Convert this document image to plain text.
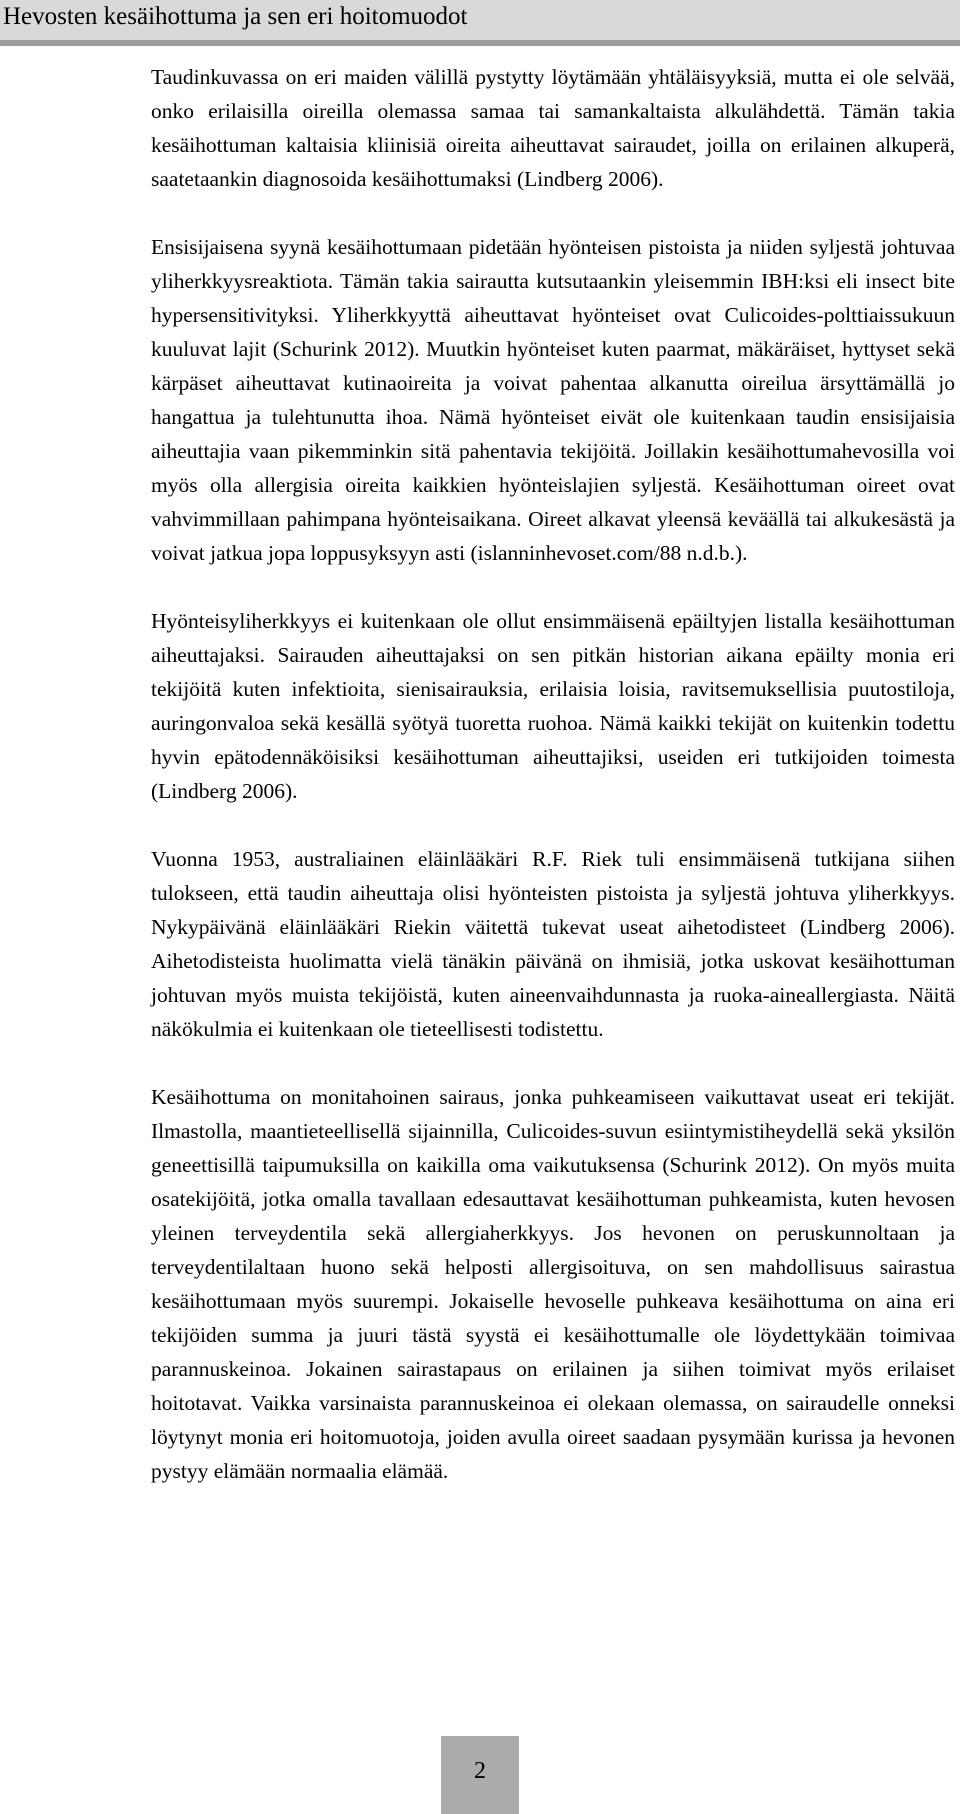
Hevosten kesäihottuma ja sen eri hoitomuodot

Taudinkuvassa on eri maiden välillä pystytty löytämään yhtäläisyyksiä, mutta ei ole selvää, onko erilaisilla oireilla olemassa samaa tai samankaltaista alkulähdettä. Tämän takia kesäihottuman kaltaisia kliinisiä oireita aiheuttavat sairaudet, joilla on erilainen alkuperä, saatetaankin diagnosoida kesäihottumaksi (Lindberg 2006).

Ensisijaisena syynä kesäihottumaan pidetään hyönteisen pistoista ja niiden syljestä johtuvaa yliherkkyysreaktiota. Tämän takia sairautta kutsutaankin yleisemmin IBH:ksi eli insect bite hypersensitivityksi. Yliherkkyyttä aiheuttavat hyönteiset ovat Culicoides-polttiaissukuun kuuluvat lajit (Schurink 2012). Muutkin hyönteiset kuten paarmat, mäkäräiset, hyttyset sekä kärpäset aiheuttavat kutinaoireita ja voivat pahentaa alkanutta oireilua ärsyttämällä jo hangattua ja tulehtunutta ihoa. Nämä hyönteiset eivät ole kuitenkaan taudin ensisijaisia aiheuttajia vaan pikemminkin sitä pahentavia tekijöitä. Joillakin kesäihottumahevosilla voi myös olla allergisia oireita kaikkien hyönteislajien syljestä. Kesäihottuman oireet ovat vahvimmillaan pahimpana hyönteisaikana. Oireet alkavat yleensä keväällä tai alkukesästä ja voivat jatkua jopa loppusyksyyn asti (islanninhevoset.com/88 n.d.b.).

Hyönteisyliherkkyys ei kuitenkaan ole ollut ensimmäisenä epäiltyjen listalla kesäihottuman aiheuttajaksi. Sairauden aiheuttajaksi on sen pitkän historian aikana epäilty monia eri tekijöitä kuten infektioita, sienisairauksia, erilaisia loisia, ravitsemuksellisia puutostiloja, auringonvaloa sekä kesällä syötyä tuoretta ruohoa. Nämä kaikki tekijät on kuitenkin todettu hyvin epätodennäköisiksi kesäihottuman aiheuttajiksi, useiden eri tutkijoiden toimesta (Lindberg 2006).

Vuonna 1953, australiainen eläinlääkäri R.F. Riek tuli ensimmäisenä tutkijana siihen tulokseen, että taudin aiheuttaja olisi hyönteisten pistoista ja syljestä johtuva yliherkkyys. Nykypäivänä eläinlääkäri Riekin väitettä tukevat useat aihetodisteet (Lindberg 2006). Aihetodisteista huolimatta vielä tänäkin päivänä on ihmisiä, jotka uskovat kesäihottuman johtuvan myös muista tekijöistä, kuten aineenvaihdunnasta ja ruoka-aineallergiasta. Näitä näkökulmia ei kuitenkaan ole tieteellisesti todistettu.

Kesäihottuma on monitahoinen sairaus, jonka puhkeamiseen vaikuttavat useat eri tekijät. Ilmastolla, maantieteellisellä sijainnilla, Culicoides-suvun esiintymistiheydellä sekä yksilön geneettisillä taipumuksilla on kaikilla oma vaikutuksensa (Schurink 2012). On myös muita osatekijöitä, jotka omalla tavallaan edesauttavat kesäihottuman puhkeamista, kuten hevosen yleinen terveydentila sekä allergiaherkkyys. Jos hevonen on peruskunnoltaan ja terveydentilaltaan huono sekä helposti allergisoituva, on sen mahdollisuus sairastua kesäihottumaan myös suurempi. Jokaiselle hevoselle puhkeava kesäihottuma on aina eri tekijöiden summa ja juuri tästä syystä ei kesäihottumalle ole löydettykään toimivaa parannuskeinoa. Jokainen sairastapaus on erilainen ja siihen toimivat myös erilaiset hoitotavat. Vaikka varsinaista parannuskeinoa ei olekaan olemassa, on sairaudelle onneksi löytynyt monia eri hoitomuotoja, joiden avulla oireet saadaan pysymään kurissa ja hevonen pystyy elämään normaalia elämää.

2
